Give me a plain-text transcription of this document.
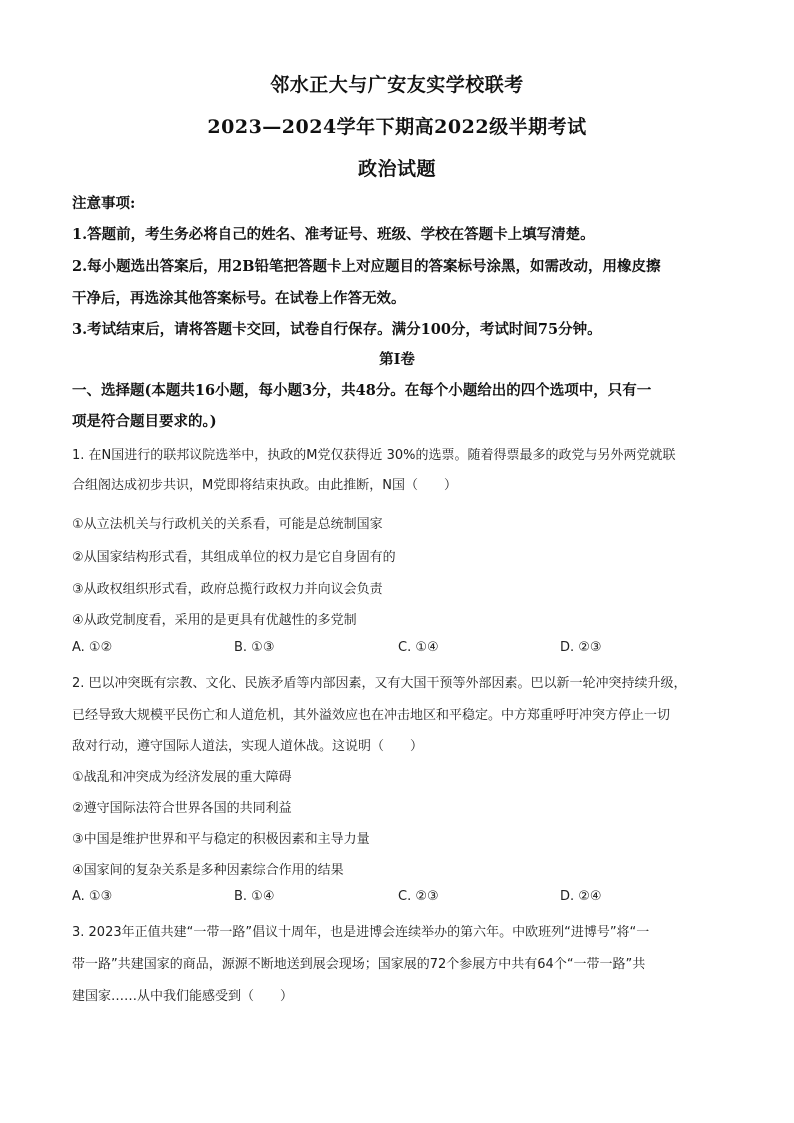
邻水正大与广安友实学校联考
2023—2024学年下期高2022级半期考试
政治试题
注意事项:
1.答题前，考生务必将自己的姓名、准考证号、班级、学校在答题卡上填写清楚。
2.每小题选出答案后，用2B铅笔把答题卡上对应题目的答案标号涂黑，如需改动，用橡皮擦
干净后，再选涂其他答案标号。在试卷上作答无效。
3.考试结束后，请将答题卡交回，试卷自行保存。满分100分，考试时间75分钟。
第Ⅰ卷
一、选择题(本题共16小题，每小题3分，共48分。在每个小题给出的四个选项中，只有一
项是符合题目要求的。)
1. 在N国进行的联邦议院选举中，执政的M党仅获得近 30%的选票。随着得票最多的政党与另外两党就联
合组阁达成初步共识，M党即将结束执政。由此推断，N国（　　）
①从立法机关与行政机关的关系看，可能是总统制国家
②从国家结构形式看，其组成单位的权力是它自身固有的
③从政权组织形式看，政府总揽行政权力并向议会负责
④从政党制度看，采用的是更具有优越性的多党制
A. ①②	B. ①③	C. ①④	D. ②③
2. 巴以冲突既有宗教、文化、民族矛盾等内部因素，又有大国干预等外部因素。巴以新一轮冲突持续升级，
已经导致大规模平民伤亡和人道危机，其外溢效应也在冲击地区和平稳定。中方郑重呼吁冲突方停止一切
敌对行动，遵守国际人道法，实现人道休战。这说明（　　）
①战乱和冲突成为经济发展的重大障碍
②遵守国际法符合世界各国的共同利益
③中国是维护世界和平与稳定的积极因素和主导力量
④国家间的复杂关系是多种因素综合作用的结果
A. ①③	B. ①④	C. ②③	D. ②④
3. 2023年正值共建“一带一路”倡议十周年，也是进博会连续举办的第六年。中欧班列“进博号”将“一
带一路”共建国家的商品，源源不断地送到展会现场；国家展的72个参展方中共有64个“一带一路”共
建国家……从中我们能感受到（　　）
